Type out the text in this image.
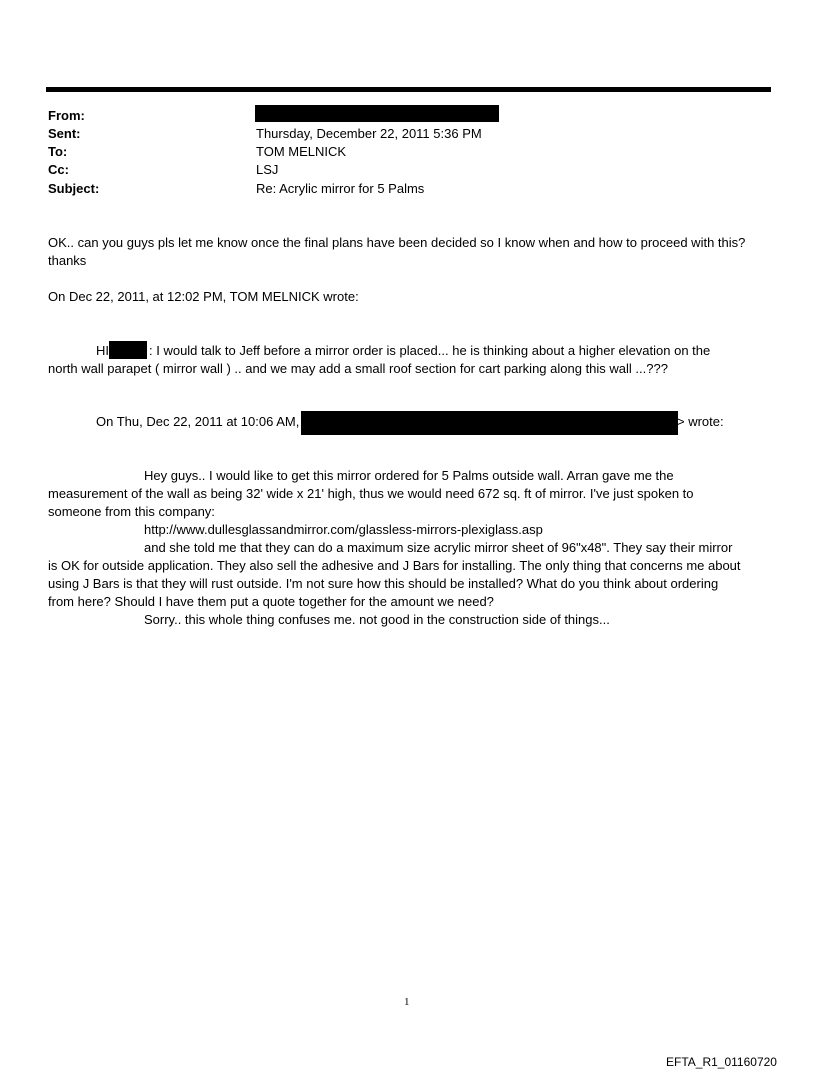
From:
Sent:	Thursday, December 22, 2011 5:36 PM
To:	TOM MELNICK
Cc:	LSJ
Subject:	Re: Acrylic mirror for 5 Palms
OK.. can you guys pls let me know once the final plans have been decided so I know when and how to proceed with this?
thanks
On Dec 22, 2011, at 12:02 PM, TOM MELNICK wrote:
HI	: I would talk to Jeff before a mirror order is placed... he is thinking about a higher elevation on the
north wall parapet ( mirror wall ) .. and we may add a small roof section for cart parking along this wall ...???
On Thu, Dec 22, 2011 at 10:06 AM,	> wrote:
Hey guys.. I would like to get this mirror ordered for 5 Palms outside wall. Arran gave me the
measurement of the wall as being 32' wide x 21' high, thus we would need 672 sq. ft of mirror. I've just spoken to
someone from this company:
http://www.dullesglassandmirror.com/glassless-mirrors-plexiglass.asp
and she told me that they can do a maximum size acrylic mirror sheet of 96"x48". They say their mirror
is OK for outside application. They also sell the adhesive and J Bars for installing. The only thing that concerns me about
using J Bars is that they will rust outside. I'm not sure how this should be installed? What do you think about ordering
from here? Should I have them put a quote together for the amount we need?
Sorry.. this whole thing confuses me. not good in the construction side of things...
1
EFTA_R1_01160720
